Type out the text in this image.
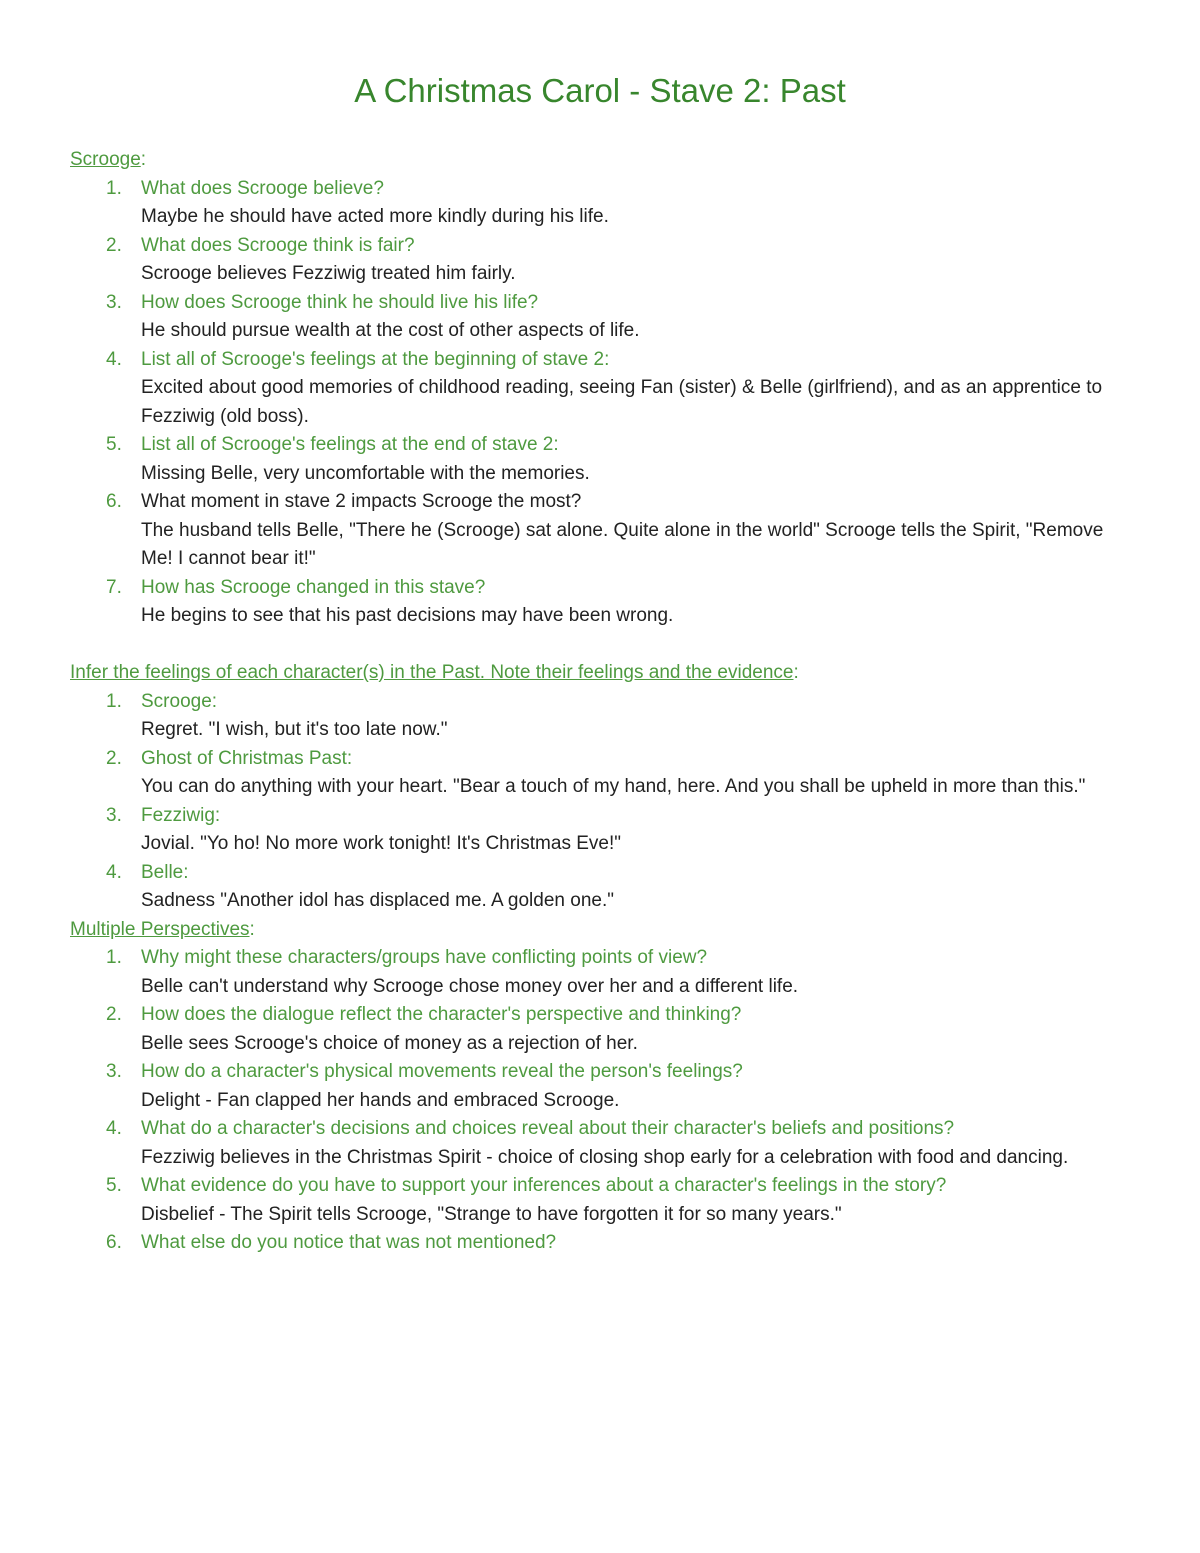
A Christmas Carol - Stave 2: Past

Scrooge:

1. What does Scrooge believe?
Maybe he should have acted more kindly during his life.
2. What does Scrooge think is fair?
Scrooge believes Fezziwig treated him fairly.
3. How does Scrooge think he should live his life?
He should pursue wealth at the cost of other aspects of life.
4. List all of Scrooge's feelings at the beginning of stave 2:
Excited about good memories of childhood reading, seeing Fan (sister) & Belle (girlfriend), and as an apprentice to Fezziwig (old boss).
5. List all of Scrooge's feelings at the end of stave 2:
Missing Belle, very uncomfortable with the memories.
6. What moment in stave 2 impacts Scrooge the most?
The husband tells Belle, "There he (Scrooge) sat alone. Quite alone in the world" Scrooge tells the Spirit, "Remove Me! I cannot bear it!"
7. How has Scrooge changed in this stave?
He begins to see that his past decisions may have been wrong.

Infer the feelings of each character(s) in the Past. Note their feelings and the evidence:

1. Scrooge:
Regret. "I wish, but it's too late now."
2. Ghost of Christmas Past:
You can do anything with your heart. "Bear a touch of my hand, here. And you shall be upheld in more than this."
3. Fezziwig:
Jovial. "Yo ho! No more work tonight! It's Christmas Eve!"
4. Belle:
Sadness "Another idol has displaced me. A golden one."

Multiple Perspectives:

1. Why might these characters/groups have conflicting points of view?
Belle can't understand why Scrooge chose money over her and a different life.
2. How does the dialogue reflect the character's perspective and thinking?
Belle sees Scrooge's choice of money as a rejection of her.
3. How do a character's physical movements reveal the person's feelings?
Delight - Fan clapped her hands and embraced Scrooge.
4. What do a character's decisions and choices reveal about their character's beliefs and positions?
Fezziwig believes in the Christmas Spirit - choice of closing shop early for a celebration with food and dancing.
5. What evidence do you have to support your inferences about a character's feelings in the story?
Disbelief - The Spirit tells Scrooge, "Strange to have forgotten it for so many years."
6. What else do you notice that was not mentioned?
